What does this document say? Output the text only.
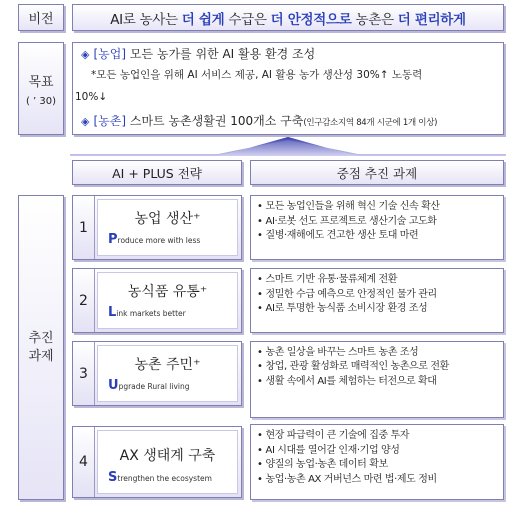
비전	AI로 농사는 더 쉽게 수급은 더 안정적으로 농촌은 더 편리하게
목표
( ’ 30)
◈ [농업] 모든 농가를 위한 AI 활용 환경 조성
*모든 농업인을 위해 AI 서비스 제공, AI 활용 농가 생산성 30%↑ 노동력
10%↓
◈ [농촌] 스마트 농촌생활권 100개소 구축(인구감소지역 84개 시군에 1개 이상)
AI + PLUS 전략	중점 추진 과제
추진
과제
1
농업 생산⁺
Produce more with less
• 모든 농업인들을 위해 혁신 기술 신속 확산
• AI·로봇 선도 프로젝트로 생산기술 고도화
• 질병·재해에도 견고한 생산 토대 마련
2
농식품 유통⁺
Link markets better
• 스마트 기반 유통·물류체계 전환
• 정밀한 수급 예측으로 안정적인 물가 관리
• AI로 투명한 농식품 소비시장 환경 조성
3
농촌 주민⁺
Upgrade Rural living
• 농촌 일상을 바꾸는 스마트 농촌 조성
• 창업, 관광 활성화로 매력적인 농촌으로 전환
• 생활 속에서 AI를 체험하는 터전으로 확대
4	AX 생태계 구축
Strengthen the ecosystem
• 현장 파급력이 큰 기술에 집중 투자
• AI 시대를 열어갈 인재·기업 양성
• 양질의 농업·농촌 데이터 확보
• 농업·농촌 AX 거버넌스 마련 법·제도 정비
